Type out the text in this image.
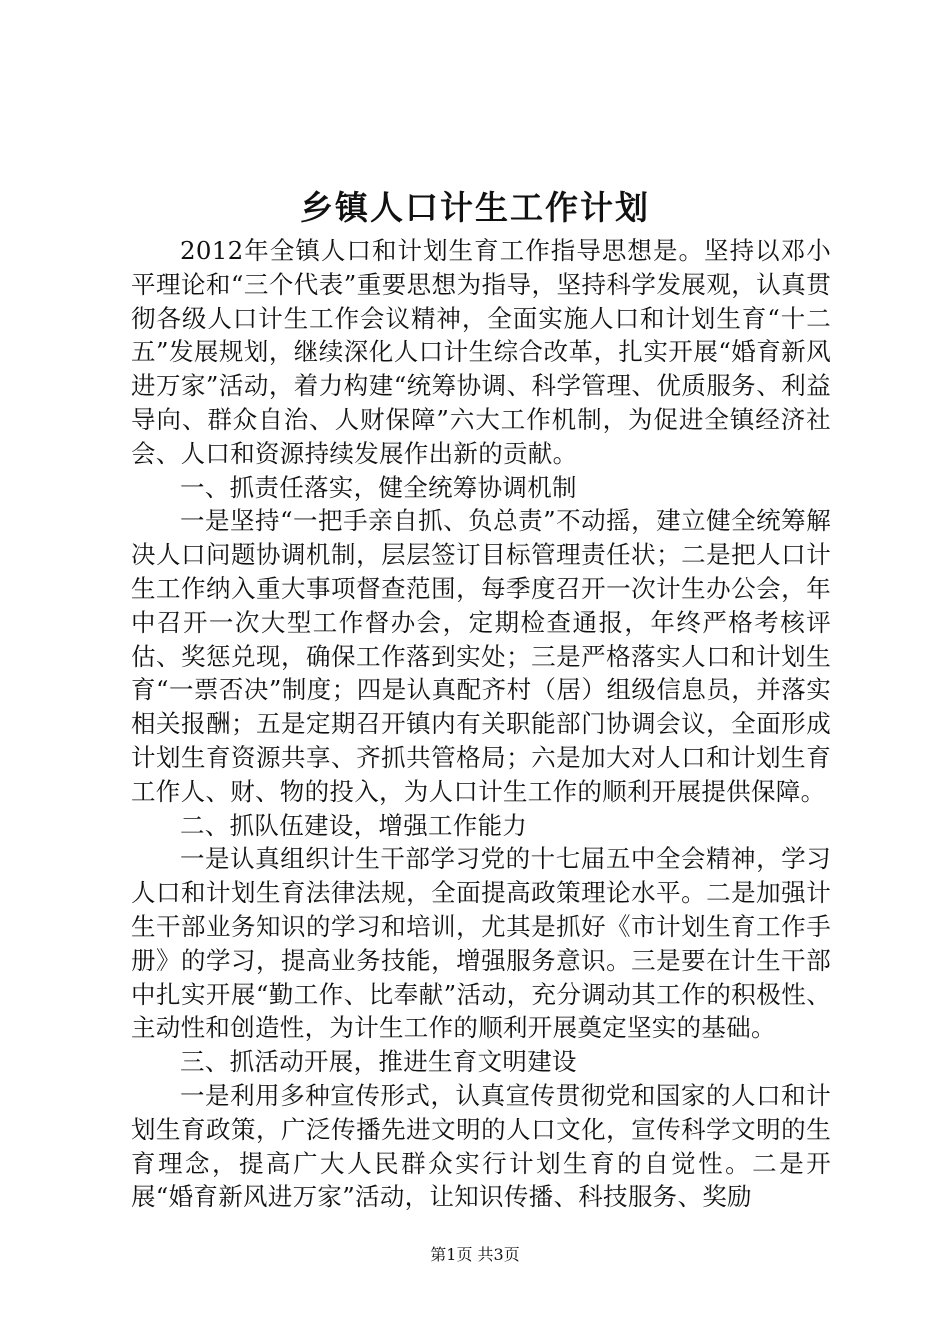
乡镇人口计生工作计划

2012年全镇人口和计划生育工作指导思想是。坚持以邓小平理论和“三个代表”重要思想为指导，坚持科学发展观，认真贯彻各级人口计生工作会议精神，全面实施人口和计划生育“十二五”发展规划，继续深化人口计生综合改革，扎实开展“婚育新风进万家”活动，着力构建“统筹协调、科学管理、优质服务、利益导向、群众自治、人财保障”六大工作机制，为促进全镇经济社会、人口和资源持续发展作出新的贡献。

一、抓责任落实，健全统筹协调机制

一是坚持“一把手亲自抓、负总责”不动摇，建立健全统筹解决人口问题协调机制，层层签订目标管理责任状；二是把人口计生工作纳入重大事项督查范围，每季度召开一次计生办公会，年中召开一次大型工作督办会，定期检查通报，年终严格考核评估、奖惩兑现，确保工作落到实处；三是严格落实人口和计划生育“一票否决”制度；四是认真配齐村（居）组级信息员，并落实相关报酬；五是定期召开镇内有关职能部门协调会议，全面形成计划生育资源共享、齐抓共管格局；六是加大对人口和计划生育工作人、财、物的投入，为人口计生工作的顺利开展提供保障。

二、抓队伍建设，增强工作能力

一是认真组织计生干部学习党的十七届五中全会精神，学习人口和计划生育法律法规，全面提高政策理论水平。二是加强计生干部业务知识的学习和培训，尤其是抓好《市计划生育工作手册》的学习，提高业务技能，增强服务意识。三是要在计生干部中扎实开展“勤工作、比奉献”活动，充分调动其工作的积极性、主动性和创造性，为计生工作的顺利开展奠定坚实的基础。

三、抓活动开展，推进生育文明建设

一是利用多种宣传形式，认真宣传贯彻党和国家的人口和计划生育政策，广泛传播先进文明的人口文化，宣传科学文明的生育理念，提高广大人民群众实行计划生育的自觉性。二是开展“婚育新风进万家”活动，让知识传播、科技服务、奖励

第1页 共3页
